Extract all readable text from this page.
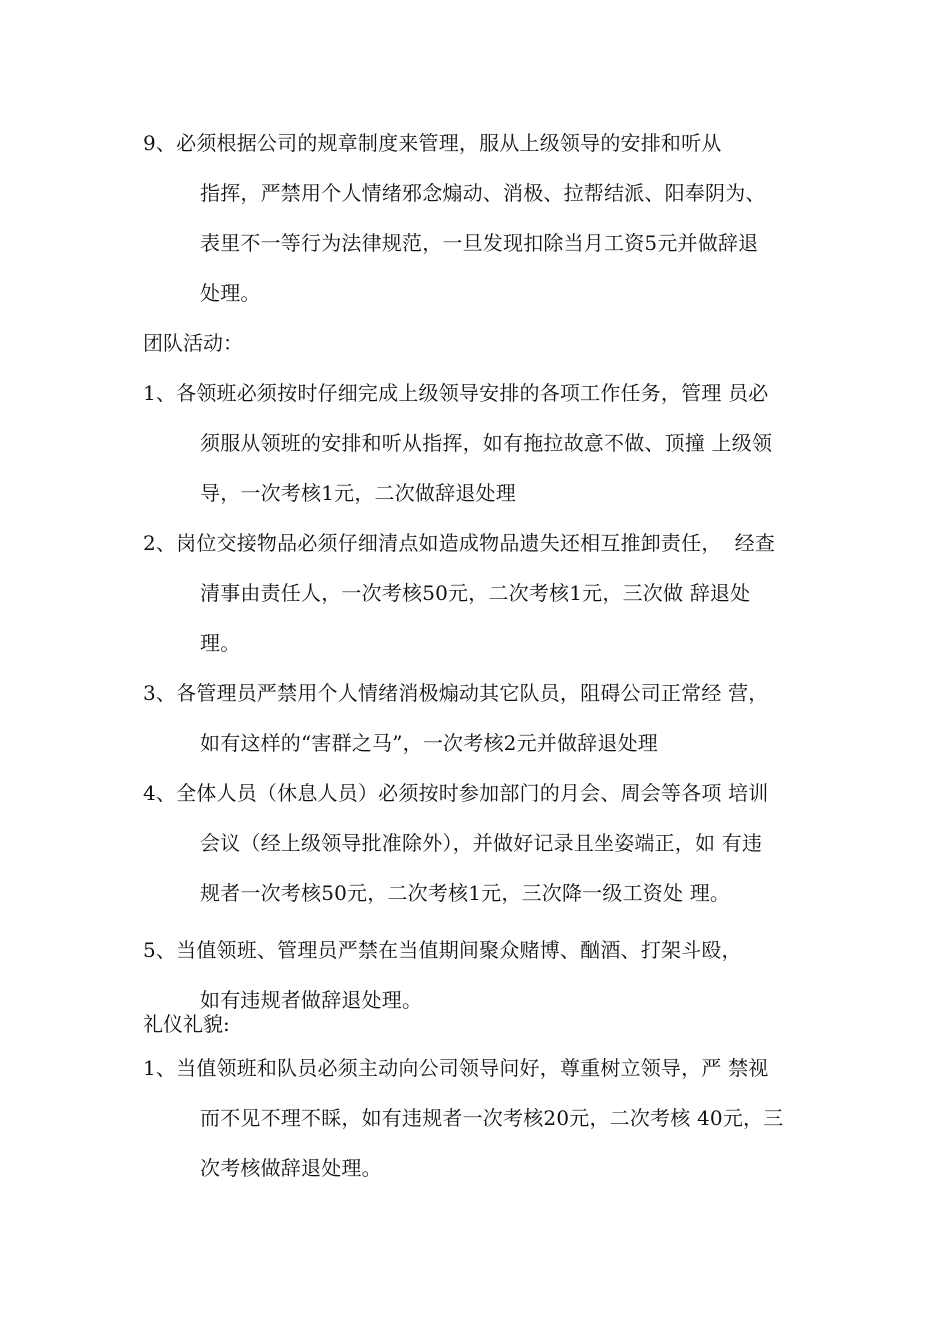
9、必须根据公司的规章制度来管理，服从上级领导的安排和听从
指挥，严禁用个人情绪邪念煽动、消极、拉帮结派、阳奉阴为、
表里不一等行为法律规范，一旦发现扣除当月工资5元并做辞退
处理。
团队活动：
1、各领班必须按时仔细完成上级领导安排的各项工作任务，管理 员必
须服从领班的安排和听从指挥，如有拖拉故意不做、顶撞 上级领
导，一次考核1元，二次做辞退处理
2、岗位交接物品必须仔细清点如造成物品遗失还相互推卸责任，  经查
清事由责任人，一次考核50元，二次考核1元，三次做 辞退处
理。
3、各管理员严禁用个人情绪消极煽动其它队员，阻碍公司正常经 营，
如有这样的“害群之马”，一次考核2元并做辞退处理
4、全体人员（休息人员）必须按时参加部门的月会、周会等各项 培训
会议（经上级领导批准除外），并做好记录且坐姿端正，如 有违
规者一次考核50元，二次考核1元，三次降一级工资处 理。
5、当值领班、管理员严禁在当值期间聚众赌博、酗酒、打架斗殴，
如有违规者做辞退处理。
礼仪礼貌:
1、当值领班和队员必须主动向公司领导问好，尊重树立领导，严 禁视
而不见不理不睬，如有违规者一次考核20元，二次考核 40元，三
次考核做辞退处理。
